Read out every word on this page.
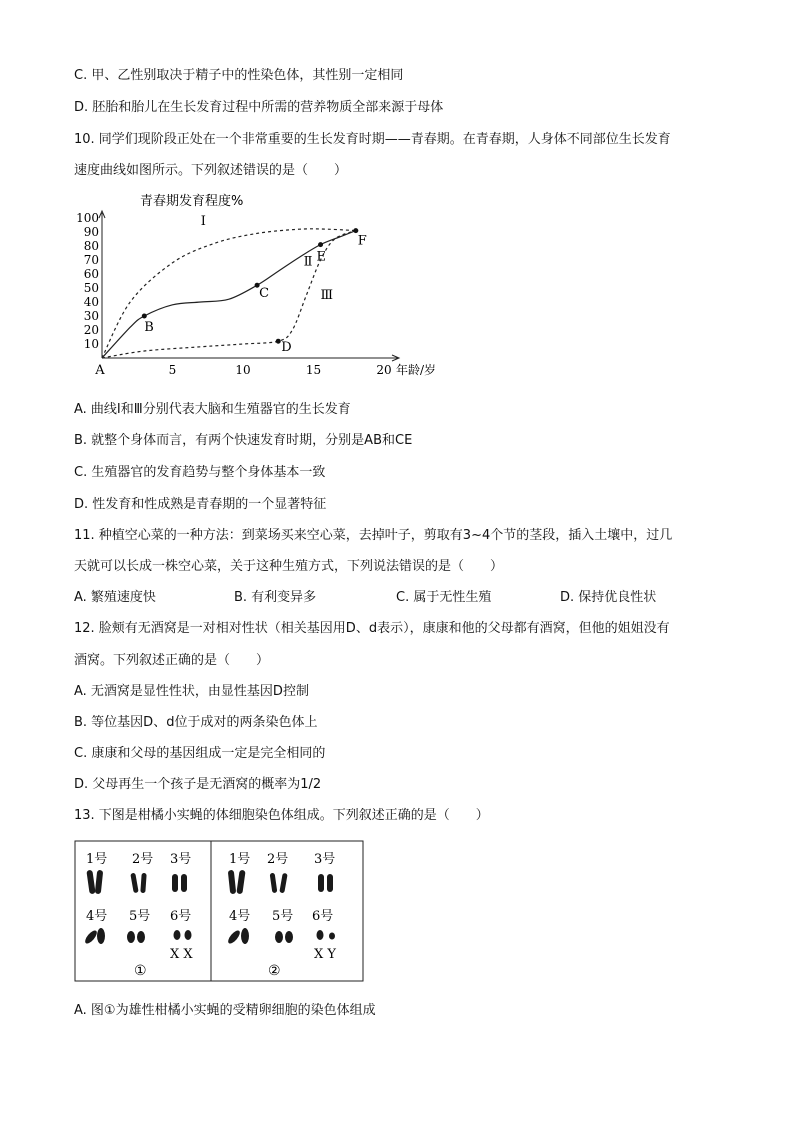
C. 甲、乙性别取决于精子中的性染色体，其性别一定相同
D. 胚胎和胎儿在生长发育过程中所需的营养物质全部来源于母体
10. 同学们现阶段正处在一个非常重要的生长发育时期——青春期。在青春期，人身体不同部位生长发育
速度曲线如图所示。下列叙述错误的是（　　）
青春期发育程度%
10
20
30
40
50
60
70
80
90
100
5	10	15	20 年龄/岁
A
Ⅰ
Ⅱ
Ⅲ
B
C
D
E
F
A. 曲线Ⅰ和Ⅲ分别代表大脑和生殖器官的生长发育
B. 就整个身体而言，有两个快速发育时期，分别是AB和CE
C. 生殖器官的发育趋势与整个身体基本一致
D. 性发育和性成熟是青春期的一个显著特征
11. 种植空心菜的一种方法：到菜场买来空心菜，去掉叶子，剪取有3~4个节的茎段，插入土壤中，过几
天就可以长成一株空心菜，关于这种生殖方式，下列说法错误的是（　　）
A. 繁殖速度快	B. 有利变异多	C. 属于无性生殖	D. 保持优良性状
12. 脸颊有无酒窝是一对相对性状（相关基因用D、d表示），康康和他的父母都有酒窝，但他的姐姐没有
酒窝。下列叙述正确的是（　　）
A. 无酒窝是显性性状，由显性基因D控制
B. 等位基因D、d位于成对的两条染色体上
C. 康康和父母的基因组成一定是完全相同的
D. 父母再生一个孩子是无酒窝的概率为1/2
13. 下图是柑橘小实蝇的体细胞染色体组成。下列叙述正确的是（　　）
1号 2号 3号
4号 5号 6号
X X
①
1号 2号 3号
4号 5号 6号
X Y
②
A. 图①为雄性柑橘小实蝇的受精卵细胞的染色体组成
